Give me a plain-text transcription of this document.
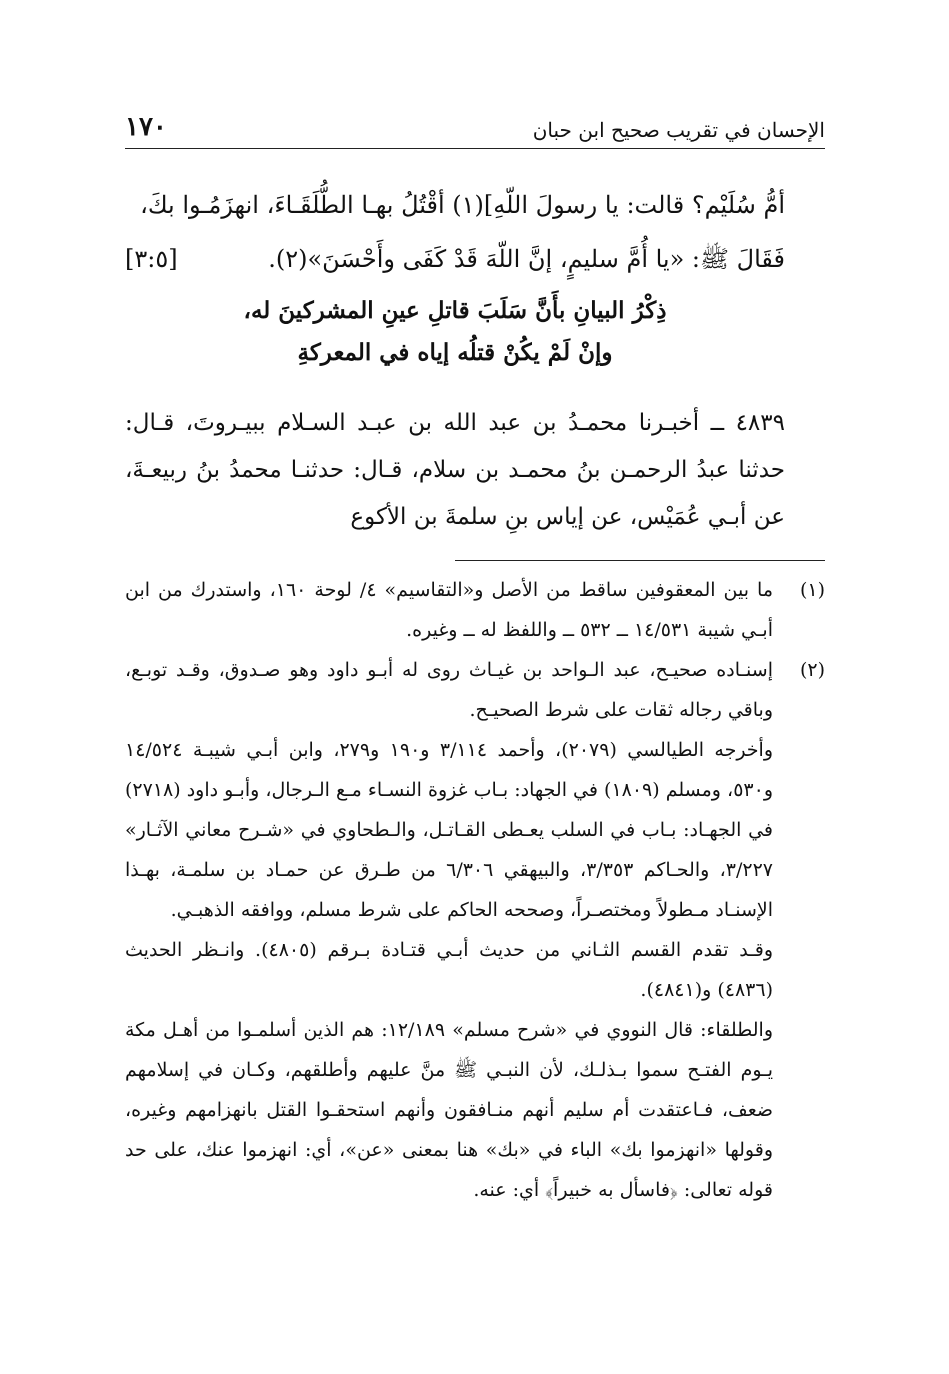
١٧٠	الإحسان في تقريب صحيح ابن حبان
أمُّ سُلَيْم؟ قالت: يا رسولَ اللّهِ](١) أقْتُلُ بهـا الطُّلَقَـاءَ، انهزَمُـوا بكَ،
فَقَالَ ﷺ: «يا أُمَّ سليمٍ، إنَّ اللّهَ قَدْ كَفَى وأَحْسَنَ»(٢).
[٣:٥]
ذِكْرُ البيانِ بأَنَّ سَلَبَ قاتلِ عينِ المشركينَ له،
وإنْ لَمْ يكُنْ قتلُه إياه في المعركةِ
٤٨٣٩ ــ أخبـرنا محمـدُ بن عبد الله بن عبـد السـلام ببيـروتَ، قـال: حدثنا عبدُ الرحمـن بنُ محمـد بن سلام، قـال: حدثنـا محمدُ بنُ ربيعـةَ، عن أبـي عُمَيْس، عن إياس بنِ سلمةَ بن الأكوع
(١)
ما بين المعقوفين ساقط من الأصل و«التقاسيم» ٤/ لوحة ١٦٠، واستدرك من ابن أبـي شيبة ١٤/٥٣١ ــ ٥٣٢ ــ واللفظ له ــ وغيره.
(٢)
إسنـاده صحيـح، عبد الـواحد بن غيـاث روى له أبـو داود وهو صـدوق، وقـد توبـع، وباقي رجاله ثقات على شرط الصحيـح.
وأخرجه الطيالسي (٢٠٧٩)، وأحمد ٣/١١٤ و١٩٠ و٢٧٩، وابن أبـي شيبـة ١٤/٥٢٤ و٥٣٠، ومسلم (١٨٠٩) في الجهاد: بـاب غزوة النسـاء مـع الـرجال، وأبـو داود (٢٧١٨) في الجهـاد: بـاب في السلب يعـطى القـاتـل، والـطحاوي في «شـرح معاني الآثـار» ٣/٢٢٧، والحـاكم ٣/٣٥٣، والبيهقي ٦/٣٠٦ من طـرق عن حمـاد بن سلمـة، بهـذا الإسنـاد مـطولاً ومختصـراً، وصححه الحاكم على شرط مسلم، ووافقه الذهبـي.
وقـد تقدم القسم الثـاني من حديث أبـي قتـادة بـرقم (٤٨٠٥). وانـظر الحديث (٤٨٣٦) و(٤٨٤١).
والطلقاء: قال النووي في «شرح مسلم» ١٢/١٨٩: هم الذين أسلمـوا من أهـل مكة يـوم الفتـح سموا بـذلـك، لأن النبـي ﷺ منَّ عليهم وأطلقهم، وكـان في إسلامهم ضعف، فـاعتقدت أم سليم أنهم منـافقون وأنهم استحقـوا القتل بانهزامهم وغيره، وقولها «انهزموا بك» الباء في «بك» هنا بمعنى «عن»، أي: انهزموا عنك، على حد قوله تعالى: ﴿فاسأل به خبيراً﴾ أي: عنه.
